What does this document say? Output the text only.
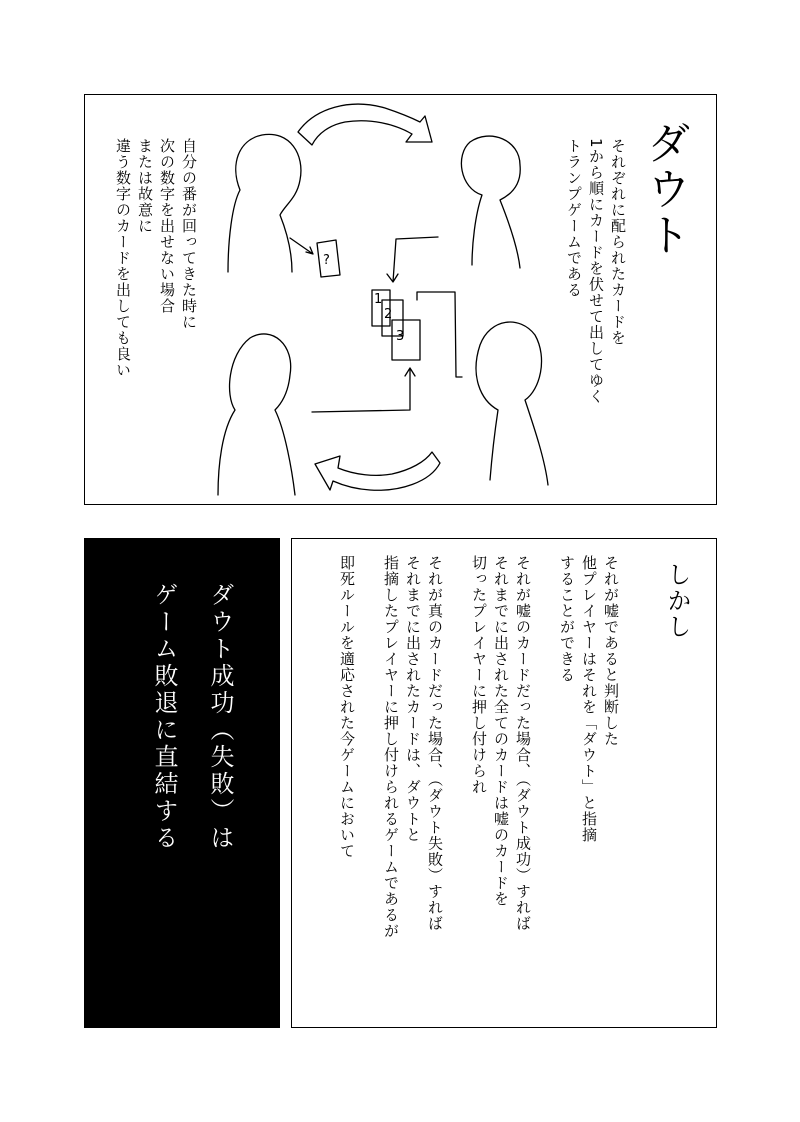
?
1
2
3
ダウト
それぞれに配られたカードを
1から順にカードを伏せて出してゆく
トランプゲームである
自分の番が回ってきた時に
次の数字を出せない場合
または故意に
違う数字のカードを出しても良い
ダウト成功（失敗）は
ゲーム敗退に直結する	しかし
それが嘘であると判断した
他プレイヤーはそれを「ダウト」と指摘
することができる

それが嘘のカードだった場合、（ダウト成功）すれば
それまでに出された全てのカードは嘘のカードを
切ったプレイヤーに押し付けられ

それが真のカードだった場合、（ダウト失敗）すれば
それまでに出されたカードは、ダウトと
指摘したプレイヤーに押し付けられるゲームであるが

即死ルールを適応された今ゲームにおいて
